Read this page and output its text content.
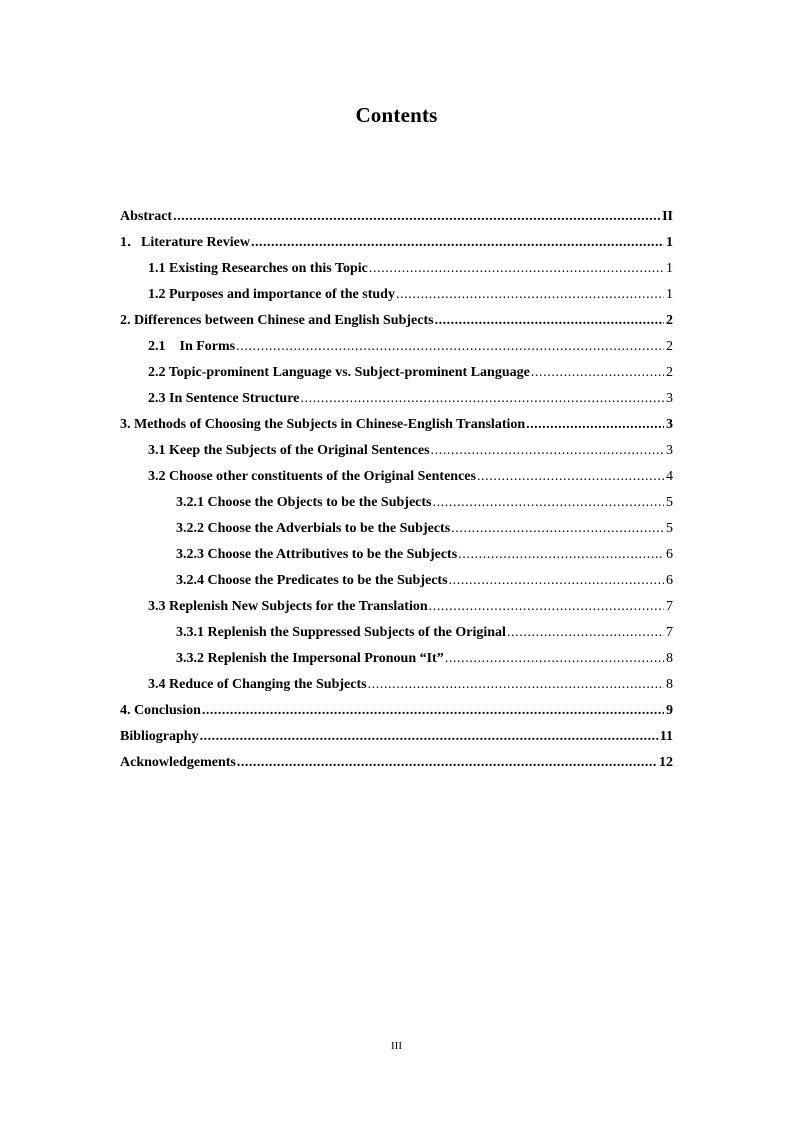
Contents
Abstract .....	II
1．Literature Review .....	1
1.1 Existing Researches on this Topic .....	1
1.2 Purposes and importance of the study .....	1
2. Differences between Chinese and English Subjects .....	2
2.1    In Forms .....	2
2.2 Topic-prominent Language vs. Subject-prominent Language .....	2
2.3 In Sentence Structure .....	3
3. Methods of Choosing the Subjects in Chinese-English Translation .....	3
3.1 Keep the Subjects of the Original Sentences .....	3
3.2 Choose other constituents of the Original Sentences .....	4
3.2.1 Choose the Objects to be the Subjects .....	5
3.2.2 Choose the Adverbials to be the Subjects .....	5
3.2.3 Choose the Attributives to be the Subjects .....	6
3.2.4 Choose the Predicates to be the Subjects .....	6
3.3 Replenish New Subjects for the Translation .....	7
3.3.1 Replenish the Suppressed Subjects of the Original .....	7
3.3.2 Replenish the Impersonal Pronoun “It” .....	8
3.4 Reduce of Changing the Subjects .....	8
4. Conclusion .....	9
Bibliography .....	11
Acknowledgements .....	12
III
